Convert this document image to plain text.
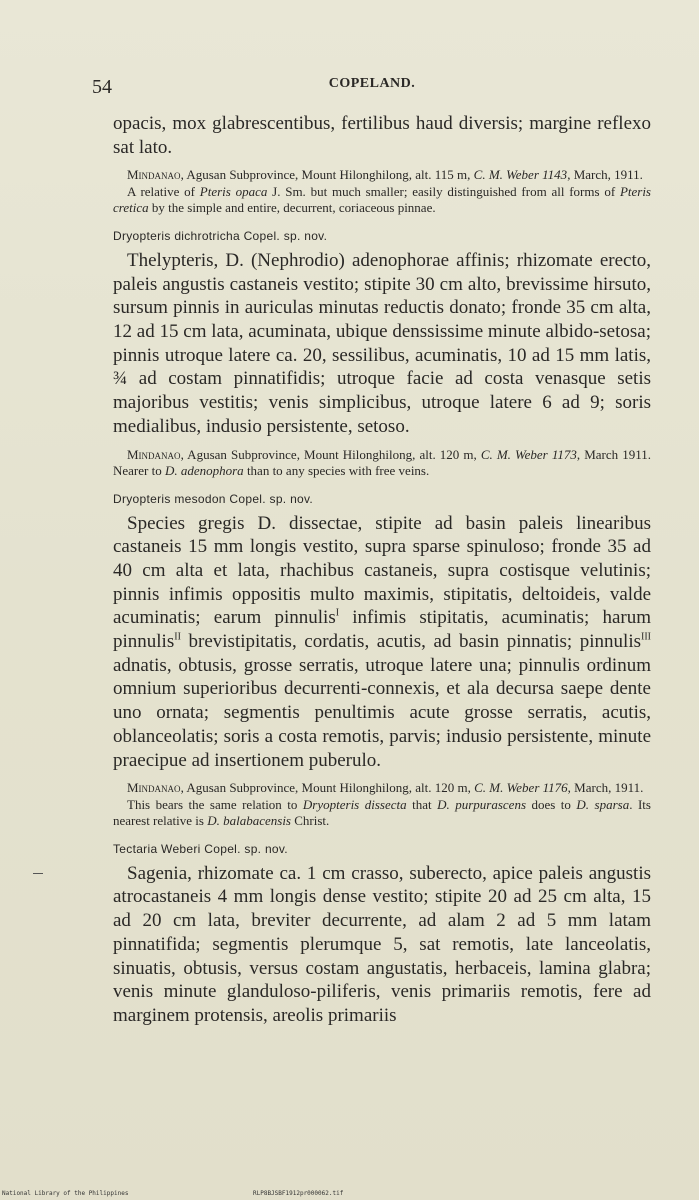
54	COPELAND.

opacis, mox glabrescentibus, fertilibus haud diversis; margine reflexo sat lato.

Mindanao, Agusan Subprovince, Mount Hilonghilong, alt. 115 m, C. M. Weber 1143, March, 1911.

A relative of Pteris opaca J. Sm. but much smaller; easily distinguished from all forms of Pteris cretica by the simple and entire, decurrent, coriaceous pinnae.

Dryopteris dichrotricha Copel. sp. nov.

Thelypteris, D. (Nephrodio) adenophorae affinis; rhizomate erecto, paleis angustis castaneis vestito; stipite 30 cm alto, brevissime hirsuto, sursum pinnis in auriculas minutas reductis donato; fronde 35 cm alta, 12 ad 15 cm lata, acuminata, ubique denssissime minute albido-setosa; pinnis utroque latere ca. 20, sessilibus, acuminatis, 10 ad 15 mm latis, ¾ ad costam pinnatifidis; utroque facie ad costa venasque setis majoribus vestitis; venis simplicibus, utroque latere 6 ad 9; soris medialibus, indusio persistente, setoso.

Mindanao, Agusan Subprovince, Mount Hilonghilong, alt. 120 m, C. M. Weber 1173, March 1911. Nearer to D. adenophora than to any species with free veins.

Dryopteris mesodon Copel. sp. nov.

Species gregis D. dissectae, stipite ad basin paleis linearibus castaneis 15 mm longis vestito, supra sparse spinuloso; fronde 35 ad 40 cm alta et lata, rhachibus castaneis, supra costisque velutinis; pinnis infimis oppositis multo maximis, stipitatis, deltoideis, valde acuminatis; earum pinnulis$^I$ infimis stipitatis, acuminatis; harum pinnulis$^{II}$ brevistipitatis, cordatis, acutis, ad basin pinnatis; pinnulis$^{III}$ adnatis, obtusis, grosse serratis, utroque latere una; pinnulis ordinum omnium superioribus decurrenti-connexis, et ala decursa saepe dente uno ornata; segmentis penultimis acute grosse serratis, acutis, oblanceolatis; soris a costa remotis, parvis; indusio persistente, minute praecipue ad insertionem puberulo.

Mindanao, Agusan Subprovince, Mount Hilonghilong, alt. 120 m, C. M. Weber 1176, March, 1911.

This bears the same relation to Dryopteris dissecta that D. purpurascens does to D. sparsa. Its nearest relative is D. balabacensis Christ.

Tectaria Weberi Copel. sp. nov.

Sagenia, rhizomate ca. 1 cm crasso, suberecto, apice paleis angustis atrocastaneis 4 mm longis dense vestito; stipite 20 ad 25 cm alta, 15 ad 20 cm lata, breviter decurrente, ad alam 2 ad 5 mm latam pinnatifida; segmentis plerumque 5, sat remotis, late lanceolatis, sinuatis, obtusis, versus costam angustatis, herbaceis, lamina glabra; venis minute glanduloso-piliferis, venis primariis remotis, fere ad marginem protensis, areolis primariis

National Library of the Philippines	RLP8BJSBF1912pr000062.tif
